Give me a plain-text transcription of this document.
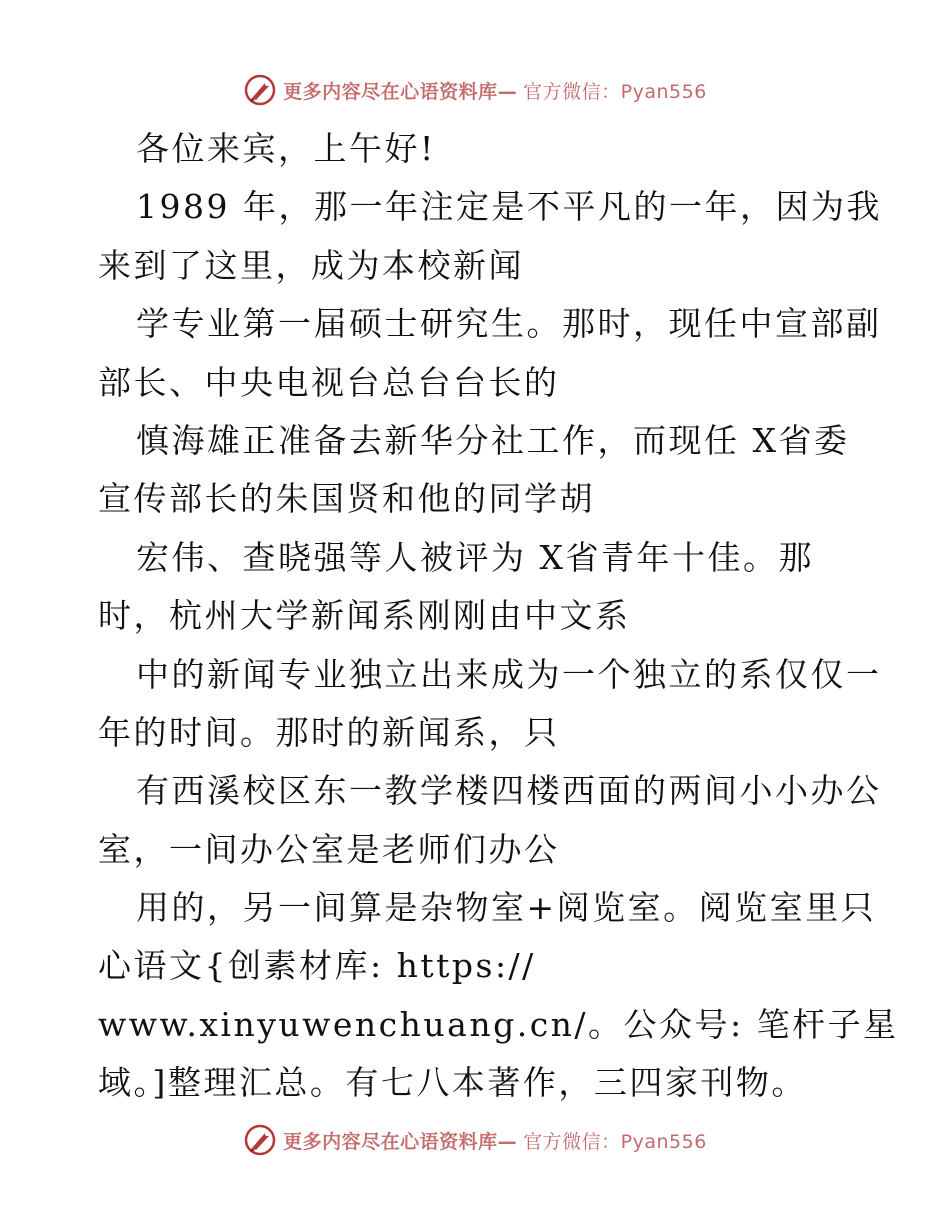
更多内容尽在心语资料库— 官方微信：Pyan556
各位来宾，上午好!
1989 年，那一年注定是不平凡的一年，因为我
来到了这里，成为本校新闻
学专业第一届硕士研究生。那时，现任中宣部副
部长、中央电视台总台台长的
慎海雄正准备去新华分社工作，而现任 X省委
宣传部长的朱国贤和他的同学胡
宏伟、查晓强等人被评为 X省青年十佳。那
时，杭州大学新闻系刚刚由中文系
中的新闻专业独立出来成为一个独立的系仅仅一
年的时间。那时的新闻系，只
有西溪校区东一教学楼四楼西面的两间小小办公
室，一间办公室是老师们办公
用的，另一间算是杂物室+阅览室。阅览室里只
心语文{创素材库: https://
www.xinyuwenchuang.cn/。公众号: 笔杆子星
域。]整理汇总。有七八本著作，三四家刊物。
更多内容尽在心语资料库— 官方微信：Pyan556
